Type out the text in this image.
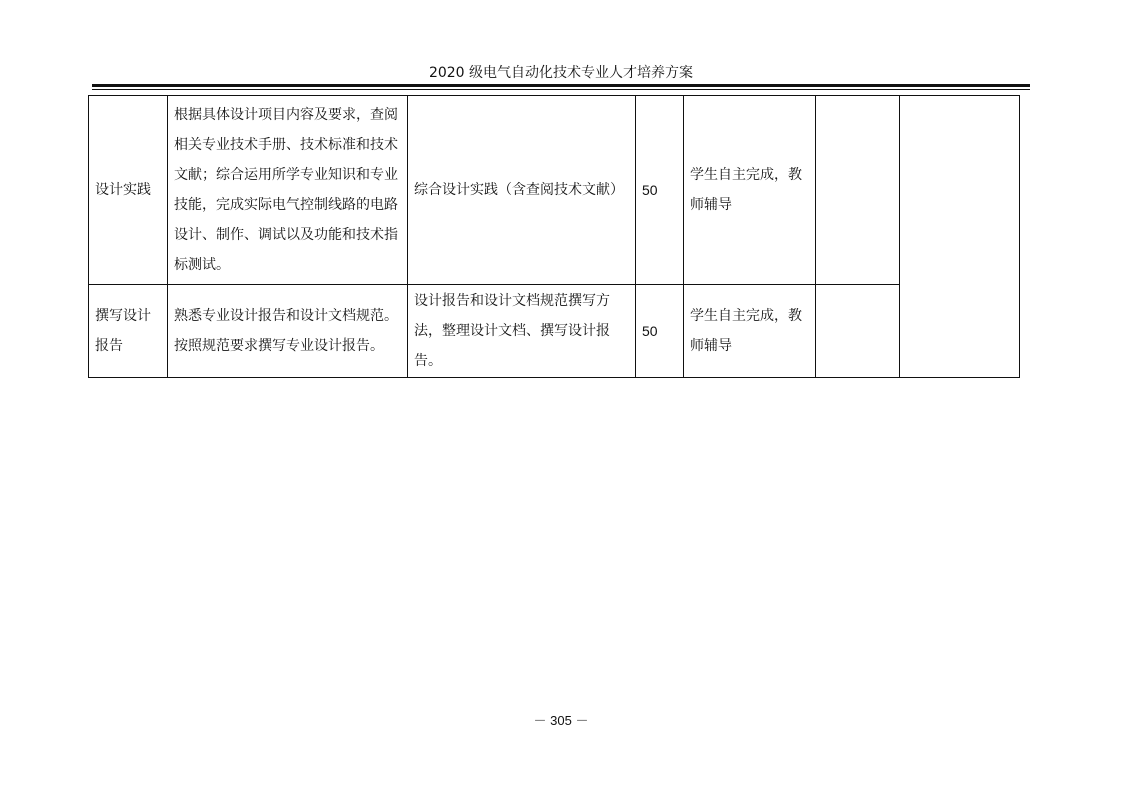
2020 级电气自动化技术专业人才培养方案
设计实践	根据具体设计项目内容及要求，查阅相关专业技术手册、技术标准和技术文献；综合运用所学专业知识和专业技能，完成实际电气控制线路的电路设计、制作、调试以及功能和技术指标测试。	综合设计实践（含查阅技术文献）	50	学生自主完成，教师辅导		
撰写设计报告	熟悉专业设计报告和设计文档规范。按照规范要求撰写专业设计报告。	设计报告和设计文档规范撰写方法，整理设计文档、撰写设计报告。	50	学生自主完成，教师辅导		
－ 305 －
